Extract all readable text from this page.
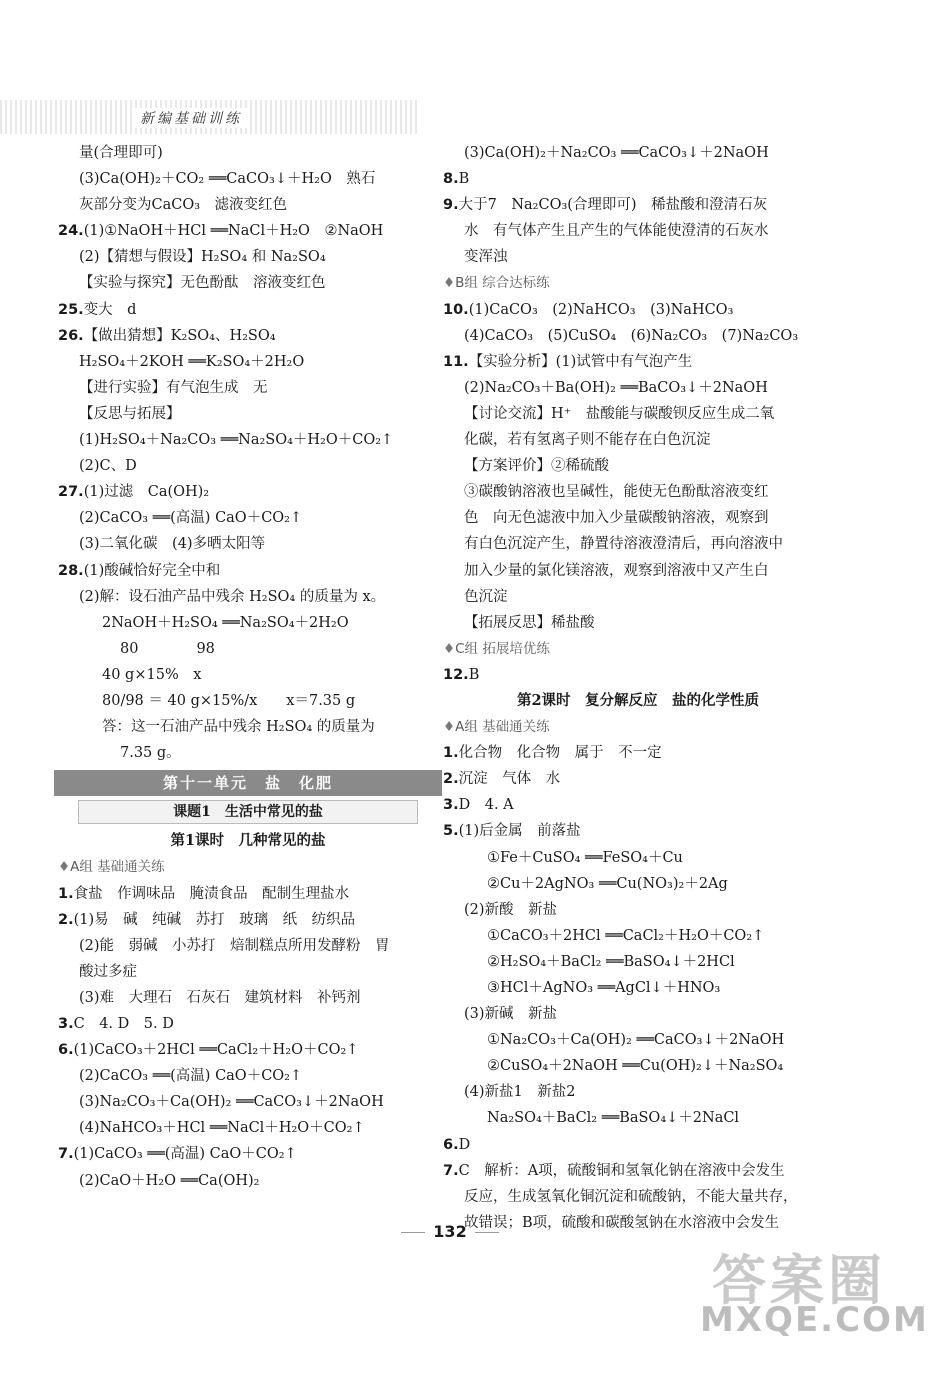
新编基础训练
量(合理即可)
(3)Ca(OH)₂＋CO₂ ══CaCO₃↓＋H₂O　熟石
灰部分变为CaCO₃　滤液变红色
24.(1)①NaOH＋HCl ══NaCl＋H₂O　②NaOH
(2)【猜想与假设】H₂SO₄ 和 Na₂SO₄
【实验与探究】无色酚酞　溶液变红色
25.变大　d
26.【做出猜想】K₂SO₄、H₂SO₄
H₂SO₄＋2KOH ══K₂SO₄＋2H₂O
【进行实验】有气泡生成　无
【反思与拓展】
(1)H₂SO₄＋Na₂CO₃ ══Na₂SO₄＋H₂O＋CO₂↑
(2)C、D
27.(1)过滤　Ca(OH)₂
(2)CaCO₃ ══(高温) CaO＋CO₂↑
(3)二氧化碳　(4)多晒太阳等
28.(1)酸碱恰好完全中和
(2)解：设石油产品中残余 H₂SO₄ 的质量为 x。
2NaOH＋H₂SO₄ ══Na₂SO₄＋2H₂O
80　　　　98
40 g×15%　x
80/98 ＝ 40 g×15%/x　　x＝7.35 g
答：这一石油产品中残余 H₂SO₄ 的质量为
7.35 g。
第十一单元　盐　化肥
课题1　生活中常见的盐
第1课时　几种常见的盐
♦ A组 基础通关练
1.食盐　作调味品　腌渍食品　配制生理盐水
2.(1)易　碱　纯碱　苏打　玻璃　纸　纺织品
(2)能　弱碱　小苏打　焙制糕点所用发酵粉　胃
酸过多症
(3)难　大理石　石灰石　建筑材料　补钙剂
3.C　4. D　5. D
6.(1)CaCO₃＋2HCl ══CaCl₂＋H₂O＋CO₂↑
(2)CaCO₃ ══(高温) CaO＋CO₂↑
(3)Na₂CO₃＋Ca(OH)₂ ══CaCO₃↓＋2NaOH
(4)NaHCO₃＋HCl ══NaCl＋H₂O＋CO₂↑
7.(1)CaCO₃ ══(高温) CaO＋CO₂↑
(2)CaO＋H₂O ══Ca(OH)₂
(3)Ca(OH)₂＋Na₂CO₃ ══CaCO₃↓＋2NaOH
8.B
9.大于7　Na₂CO₃(合理即可)　稀盐酸和澄清石灰
水　有气体产生且产生的气体能使澄清的石灰水
变浑浊
♦ B组 综合达标练
10.(1)CaCO₃　(2)NaHCO₃　(3)NaHCO₃
(4)CaCO₃　(5)CuSO₄　(6)Na₂CO₃　(7)Na₂CO₃
11.【实验分析】(1)试管中有气泡产生
(2)Na₂CO₃＋Ba(OH)₂ ══BaCO₃↓＋2NaOH
【讨论交流】H⁺　盐酸能与碳酸钡反应生成二氧
化碳，若有氢离子则不能存在白色沉淀
【方案评价】②稀硫酸
③碳酸钠溶液也呈碱性，能使无色酚酞溶液变红
色　向无色滤液中加入少量碳酸钠溶液，观察到
有白色沉淀产生，静置待溶液澄清后，再向溶液中
加入少量的氯化镁溶液，观察到溶液中又产生白
色沉淀
【拓展反思】稀盐酸
♦ C组 拓展培优练
12.B
第2课时　复分解反应　盐的化学性质
♦ A组 基础通关练
1.化合物　化合物　属于　不一定
2.沉淀　气体　水
3.D　4. A
5.(1)后金属　前落盐
①Fe＋CuSO₄ ══FeSO₄＋Cu
②Cu＋2AgNO₃ ══Cu(NO₃)₂＋2Ag
(2)新酸　新盐
①CaCO₃＋2HCl ══CaCl₂＋H₂O＋CO₂↑
②H₂SO₄＋BaCl₂ ══BaSO₄↓＋2HCl
③HCl＋AgNO₃ ══AgCl↓＋HNO₃
(3)新碱　新盐
①Na₂CO₃＋Ca(OH)₂ ══CaCO₃↓＋2NaOH
②CuSO₄＋2NaOH ══Cu(OH)₂↓＋Na₂SO₄
(4)新盐1　新盐2
Na₂SO₄＋BaCl₂ ══BaSO₄↓＋2NaCl
6.D
7.C　解析：A项，硫酸铜和氢氧化钠在溶液中会发生
反应，生成氢氧化铜沉淀和硫酸钠，不能大量共存，
故错误；B项，硫酸和碳酸氢钠在水溶液中会发生
132
答案圈
MXQE.COM
